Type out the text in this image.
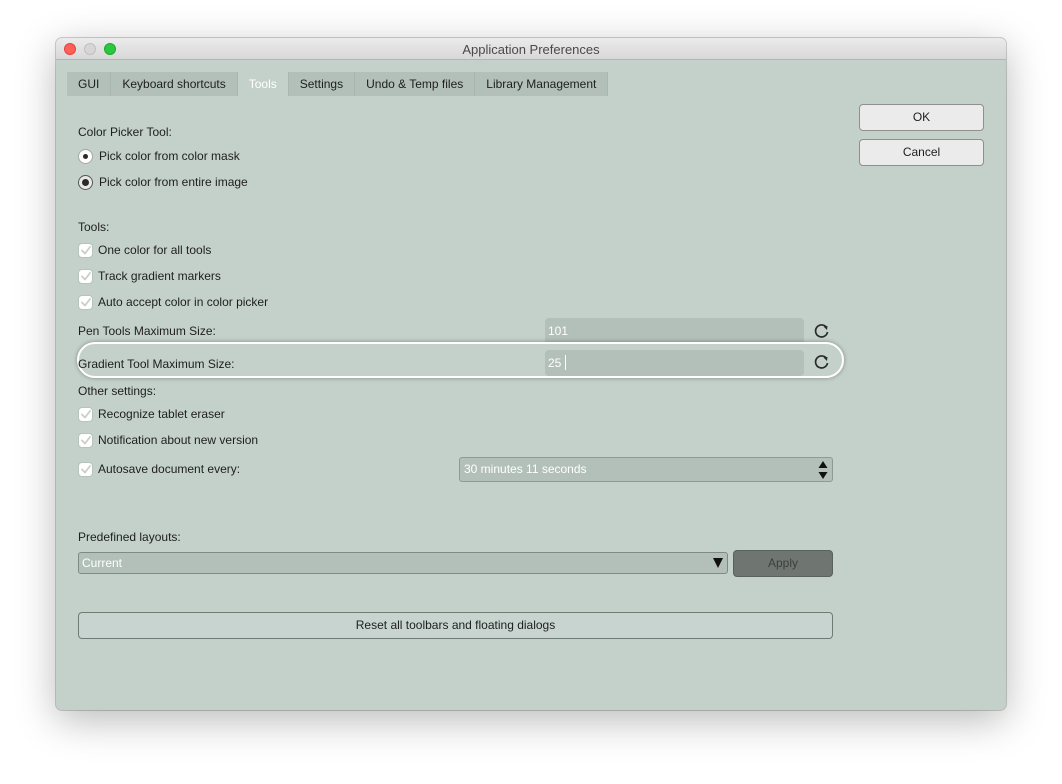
Application Preferences
GUI	Keyboard shortcuts	Tools	Settings	Undo & Temp files	Library Management
OK
Cancel
Color Picker Tool:
Pick color from color mask
Pick color from entire image
Tools:
One color for all tools
Track gradient markers
Auto accept color in color picker
Pen Tools Maximum Size:	101
Gradient Tool Maximum Size:	25
Other settings:
Recognize tablet eraser
Notification about new version
Autosave document every:	30 minutes 11 seconds
Predefined layouts:
Current	Apply
Reset all toolbars and floating dialogs
